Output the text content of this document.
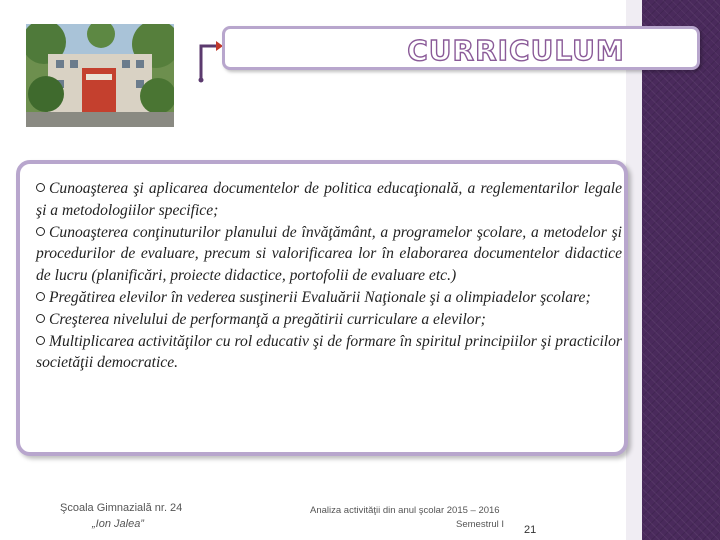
CURRICULUM

Cunoaşterea şi aplicarea documentelor de politica educaţională, a reglementarilor legale şi a metodologiilor specifice;

Cunoaşterea conţinuturilor planului de învăţământ, a programelor şcolare, a metodelor şi procedurilor de evaluare, precum si valorificarea lor în elaborarea documentelor didactice de lucru (planificări, proiecte didactice, portofolii de evaluare etc.)

Pregătirea elevilor în vederea susţinerii Evaluării Naţionale şi a olimpiadelor şcolare;

Creşterea nivelului de performanţă a pregătirii curriculare a elevilor;

Multiplicarea activităţilor cu rol educativ şi de formare în spiritul principiilor şi practicilor societăţii democratice.

Şcoala Gimnazială nr. 24
„Ion Jalea”
Analiza activităţii din anul şcolar 2015 – 2016
Semestrul I 21
